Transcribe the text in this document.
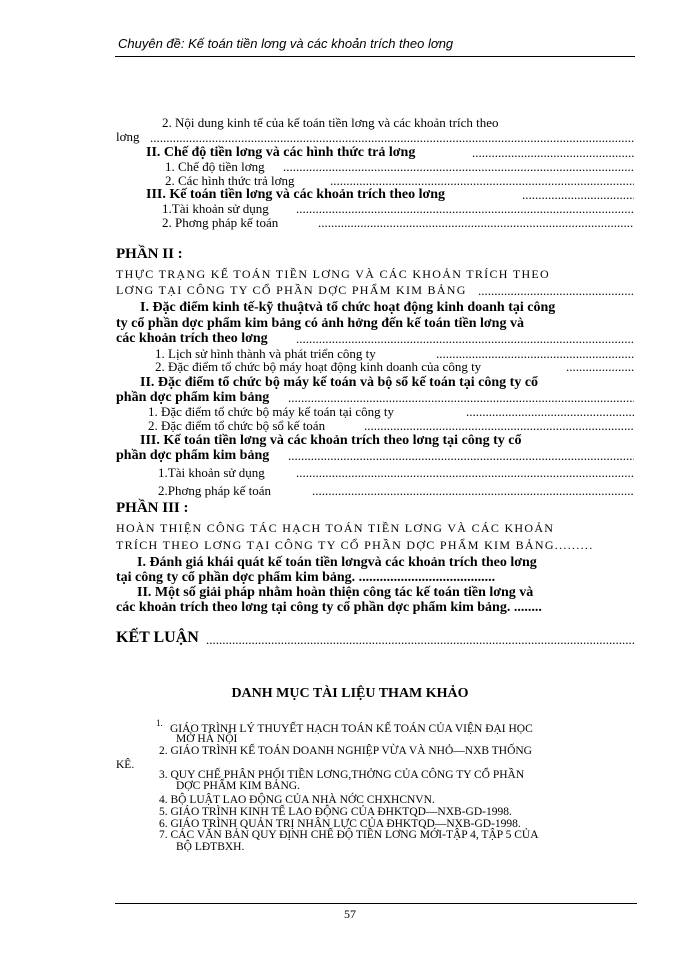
Chuyên đề: Kế toán tiền lơng và các khoản trích theo lơng
2. Nội dung kinh tế của kế toán tiền lơng và các khoản trích theo
lơng
.....
II. Chế độ tiền lơng và các hình thức trả lơng
.....
1. Chế độ tiền lơng
.....
2. Các hình thức trả lơng
.....
III. Kế toán tiền lơng và các khoản trích theo lơng
.....
1.Tài khoản sử dụng
.....
2. Phơng pháp kế toán
.....
PHẦN II :
THỰC TRẠNG KẾ TOÁN TIỀN LƠNG VÀ CÁC KHOẢN TRÍCH THEO
LƠNG TẠI CÔNG TY CỔ PHẦN DỢC PHẨM KIM BẢNG
.....
I. Đặc điểm kinh tế-kỹ thuậtvà tổ chức hoạt động kinh doanh tại công
ty cổ phần dợc phẩm kim bảng có ảnh hởng đến kế toán tiền lơng và
các khoản trích theo lơng
.....
1. Lịch sử hình thành và phát triển công ty
.....
2. Đặc điểm tổ chức bộ máy hoạt động kinh doanh của công ty
.....
II. Đặc điểm tổ chức bộ máy kế toán và bộ sổ kế toán tại công ty cổ
phần dợc phẩm kim bảng
.....
1. Đặc điểm tổ chức bộ máy kế toán tại công ty
.....
2. Đặc điểm tổ chức bộ sổ kế toán
.....
III. Kế toán tiền lơng và các khoản trích theo lơng tại công ty cổ
phần dợc phẩm kim bảng
.....
1.Tài khoản sử dụng
.....
2.Phơng pháp kế toán
.....
PHẦN III :
HOÀN THIỆN CÔNG TÁC HẠCH TOÁN TIỀN LƠNG VÀ CÁC KHOẢN
TRÍCH THEO LƠNG TẠI CÔNG TY CỔ PHẦN DỢC PHẨM KIM BẢNG.........
I. Đánh giá khái quát kế toán tiền lơngvà các khoản trích theo lơng
tại công ty cổ phần dợc phẩm kim bảng. .......................................
II. Một số giải pháp nhằm hoàn thiện công tác kế toán tiền lơng và
các khoản trích theo lơng tại công ty cổ phần dợc phẩm kim bảng. ........
KẾT LUẬN
.....
DANH MỤC TÀI LIỆU THAM KHẢO
1. GIÁO TRÌNH LÝ THUYẾT HẠCH TOÁN KẾ TOÁN CỦA VIỆN ĐẠI HỌC
MỞ HÀ NỘI
2. GIÁO TRÌNH KẾ TOÁN DOANH NGHIỆP VỪA VÀ NHỎ—NXB THỐNG
KÊ.
3. QUY CHẾ PHÂN PHỐI TIỀN LƠNG,THỞNG CỦA CÔNG TY CỔ PHẦN
DỢC PHẨM KIM BẢNG.
4. BỘ LUẬT LAO ĐỘNG CỦA NHÀ NỚC CHXHCNVN.
5. GIÁO TRÌNH KINH TẾ LAO ĐỘNG CỦA ĐHKTQD—NXB-GD-1998.
6. GIÁO TRÌNH QUẢN TRỊ NHÂN LỰC CỦA ĐHKTQD—NXB-GD-1998.
7. CÁC VĂN BẢN QUY ĐỊNH CHẾ ĐỘ TIỀN LƠNG MỚI-TẬP 4, TẬP 5 CỦA
BỘ LĐTBXH.
57
